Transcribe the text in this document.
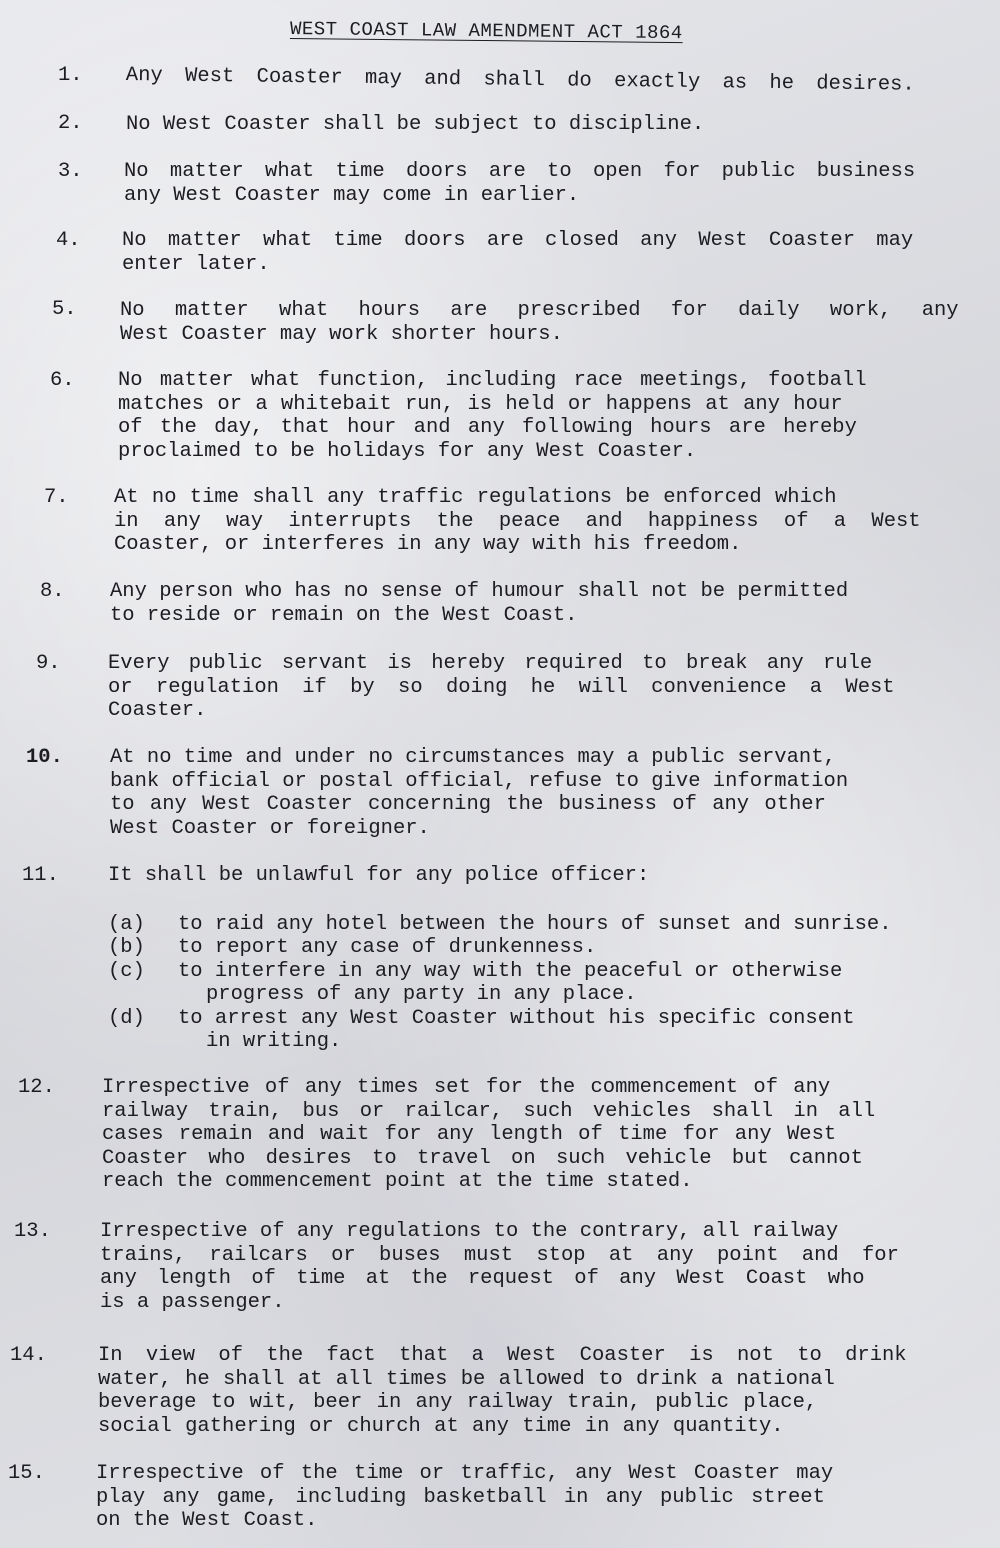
WEST COAST LAW AMENDMENT ACT 1864
1. Any West Coaster may and shall do exactly as he desires.
2. No West Coaster shall be subject to discipline.
3. No matter what time doors are to open for public business
any West Coaster may come in earlier.
4. No matter what time doors are closed any West Coaster may
enter later.
5. No matter what hours are prescribed for daily work, any
West Coaster may work shorter hours.
6. No matter what function, including race meetings, football
matches or a whitebait run, is held or happens at any hour
of the day, that hour and any following hours are hereby
proclaimed to be holidays for any West Coaster.
7. At no time shall any traffic regulations be enforced which
in any way interrupts the peace and happiness of a West
Coaster, or interferes in any way with his freedom.
8. Any person who has no sense of humour shall not be permitted
to reside or remain on the West Coast.
9. Every public servant is hereby required to break any rule
or regulation if by so doing he will convenience a West
Coaster.
10. At no time and under no circumstances may a public servant,
bank official or postal official, refuse to give information
to any West Coaster concerning the business of any other
West Coaster or foreigner.
11. It shall be unlawful for any police officer:
(a) to raid any hotel between the hours of sunset and sunrise.
(b) to report any case of drunkenness.
(c) to interfere in any way with the peaceful or otherwise
progress of any party in any place.
(d) to arrest any West Coaster without his specific consent
in writing.
12. Irrespective of any times set for the commencement of any
railway train, bus or railcar, such vehicles shall in all
cases remain and wait for any length of time for any West
Coaster who desires to travel on such vehicle but cannot
reach the commencement point at the time stated.
13. Irrespective of any regulations to the contrary, all railway
trains, railcars or buses must stop at any point and for
any length of time at the request of any West Coast who
is a passenger.
14. In view of the fact that a West Coaster is not to drink
water, he shall at all times be allowed to drink a national
beverage to wit, beer in any railway train, public place,
social gathering or church at any time in any quantity.
15. Irrespective of the time or traffic, any West Coaster may
play any game, including basketball in any public street
on the West Coast.
